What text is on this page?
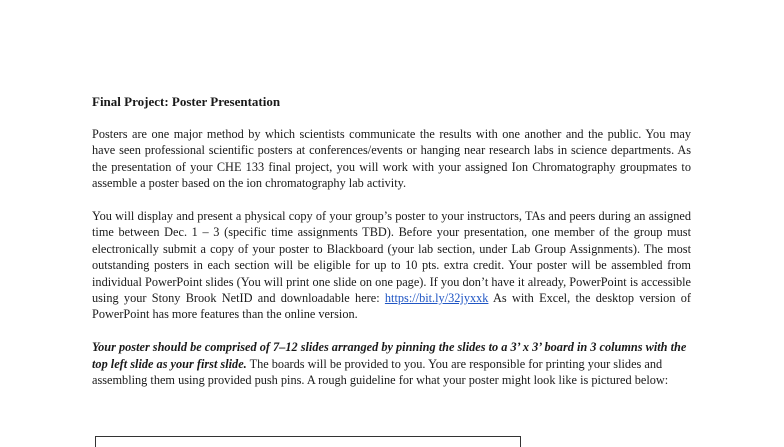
Final Project: Poster Presentation

Posters are one major method by which scientists communicate the results with one another and the public. You may have seen professional scientific posters at conferences/events or hanging near research labs in science departments. As the presentation of your CHE 133 final project, you will work with your assigned Ion Chromatography groupmates to assemble a poster based on the ion chromatography lab activity.

You will display and present a physical copy of your group’s poster to your instructors, TAs and peers during an assigned time between Dec. 1 – 3 (specific time assignments TBD). Before your presentation, one member of the group must electronically submit a copy of your poster to Blackboard (your lab section, under Lab Group Assignments). The most outstanding posters in each section will be eligible for up to 10 pts. extra credit. Your poster will be assembled from individual PowerPoint slides (You will print one slide on one page). If you don’t have it already, PowerPoint is accessible using your Stony Brook NetID and downloadable here: https://bit.ly/32jyxxk As with Excel, the desktop version of PowerPoint has more features than the online version.

Your poster should be comprised of 7–12 slides arranged by pinning the slides to a 3’ x 3’ board in 3 columns with the top left slide as your first slide. The boards will be provided to you. You are responsible for printing your slides and assembling them using provided push pins. A rough guideline for what your poster might look like is pictured below:
